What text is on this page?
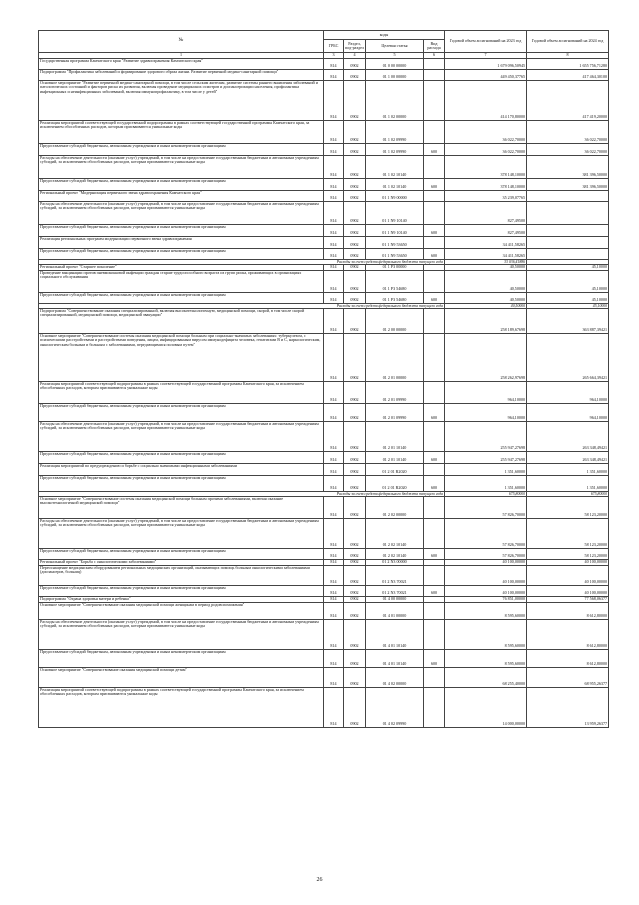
№	коды				Годовой объем ассигнований на 2023 год	Годовой объем ассигнований на 2024 год
	ГРБС	Раздел, под-раздел	Целевая статья	Вид расхода		
1	3	4	5	6	7	8
Государственная программа Камчатского края "Развитие здравоохранения Камчатского края"	814	0902	01 0 00 00000		1 679 096,50945	1 655 756,71280
Подпрограмма "Профилактика заболеваний и формирование здорового образа жизни. Развитие первичной медико-санитарной помощи"	814	0902	01 1 00 00000		449 450,37765	417 464,30100
Основное мероприятие "Развитие первичной медико-санитарной помощи, в том числе сельским жителям, развитие системы раннего выявления заболеваний и патологических состояний и факторов риска их развития, включая проведение медицинских осмотров и диспансеризации населения, профилактика инфекционных и неинфекционных заболеваний, включая иммунопрофилактику, в том числе у детей"	814	0902	01 1 02 00000		414 170,80000	417 419,20000
Реализация мероприятий соответствующей государственной подпрограммы в рамках соответствующей государственной программы Камчатского края, за исключением обособленных расходов, которым присваиваются уникальные коды	814	0902	01 1 02 09990		36 022,70000	36 022,70000
Предоставление субсидий бюджетным, автономным учреждениям и иным некоммерческим организациям	814	0902	01 1 02 09990	600	36 022,70000	36 022,70000
Расходы на обеспечение деятельности (оказание услуг) учреждений, в том числе на предоставление государственным бюджетным и автономным учреждениям субсидий, за исключением обособленных расходов, которым присваиваются уникальные коды	814	0902	01 1 02 10140		378 148,10000	381 396,50000
Предоставление субсидий бюджетным, автономным учреждениям и иным некоммерческим организациям	814	0902	01 1 02 10140	600	378 148,10000	381 396,50000
Региональный проект "Модернизация первичного звена здравоохранения Камчатского края"	814	0902	01 1 N9 00000		35 239,07765	
Расходы на обеспечение деятельности (оказание услуг) учреждений, в том числе на предоставление государственным бюджетным и автономным учреждениям субсидий, за исключением обособленных расходов, которым присваиваются уникальные коды	814	0902	01 1 N9 10140		827,49500	
Предоставление субсидий бюджетным, автономным учреждениям и иным некоммерческим организациям	814	0902	01 1 N9 10140	600	827,49500	
Реализация региональных программ модернизации первичного звена здравоохранения	814	0902	01 1 N9 53650		34 411,58265	
Предоставление субсидий бюджетным, автономным учреждениям и иным некоммерческим организациям	814	0902	01 1 N9 53650	600	34 411,58265	
Расходы за счет средств федерального бюджета текущего года					33 036,41886	
Региональный проект "Старшее поколение"	814	0902	01 1 P3 00000		40,50000	45,10000
Проведение вакцинации против пневмококковой инфекции граждан старше трудоспособного возраста из групп риска, проживающих в организациях социального обслуживания	814	0902	01 1 P3 54680		40,50000	45,10000
Предоставление субсидий бюджетным, автономным учреждениям и иным некоммерческим организациям	814	0902	01 1 P3 54680	600	40,50000	45,10000
Расходы за счет средств федерального бюджета текущего года					40,50000	45,10000
Подпрограмма "Совершенствование оказания специализированной, включая высокотехнологичную, медицинской помощи, скорой, в том числе скорой специализированной, медицинской помощи, медицинской эвакуации"	814	0902	01 2 00 00000		258 189,67698	363 887,39421
Основное мероприятие "Совершенствование системы оказания медицинской помощи больным при социально-значимых заболеваниях: туберкулезом, с психическими расстройствами и расстройствами поведения, лицам, инфицированным вирусом иммунодефицита человека, гепатитами В и С, наркологическим, онкологическим больным и больным с заболеваниями, передающимися половым путем"	814	0902	01 2 01 00000		258 262,97698	265 664,39421
Реализация мероприятий соответствующей подпрограммы в рамках соответствующей государственной программы Камчатского края, за исключением обособленных расходов, которым присваиваются уникальные коды	814	0902	01 2 01 09990		964,10000	964,10000
Предоставление субсидий бюджетным, автономным учреждениям и иным некоммерческим организациям	814	0902	01 2 01 09990	600	964,10000	964,10000
Расходы на обеспечение деятельности (оказание услуг) учреждений, в том числе на предоставление государственным бюджетным и автономным учреждениям субсидий, за исключением обособленных расходов, которым присваиваются уникальные коды	814	0902	01 2 01 10140		255 947,27698	263 348,49421
Предоставление субсидий бюджетным, автономным учреждениям и иным некоммерческим организациям	814	0902	01 2 01 10140	600	255 947,27698	263 348,49421
Реализация мероприятий по предупреждению и борьбе с социально значимыми инфекционными заболеваниями	814	0902	01 2 01 R2020		1 351,60000	1 351,60000
Предоставление субсидий бюджетным, автономным учреждениям и иным некоммерческим организациям	814	0902	01 2 01 R2020	600	1 351,60000	1 351,60000
Расходы за счет средств федерального бюджета текущего года					675,80000	675,80000
Основное мероприятие "Совершенствование системы оказания медицинской помощи больным прочими заболеваниями, включая оказание высокотехнологичной медицинской помощи"	814	0902	01 2 02 00000		57 826,70000	58 123,20000
Расходы на обеспечение деятельности (оказание услуг) учреждений, в том числе на предоставление государственным бюджетным и автономным учреждениям субсидий, за исключением обособленных расходов, которым присваиваются уникальные коды	814	0902	01 2 02 10140		57 826,70000	58 123,20000
Предоставление субсидий бюджетным, автономным учреждениям и иным некоммерческим организациям	814	0902	01 2 02 10140	600	57 826,70000	58 123,20000
Региональный проект "Борьба с онкологическими заболеваниями"	814	0902	01 2 N3 00000		40 100,00000	40 100,00000
Переоснащение медицинским оборудованием региональных медицинских организаций, оказывающих помощь больным онкологическими заболеваниями (диспансеров, больниц)	814	0902	01 2 N3 70021		40 100,00000	40 100,00000
Предоставление субсидий бюджетным, автономным учреждениям и иным некоммерческим организациям	814	0902	01 2 N3 70021	600	40 100,00000	40 100,00000
Подпрограмма "Охрана здоровья матери и ребенка"	814	0902	01 4 00 00000		76 851,00000	77 568,06377
Основное мероприятие "Совершенствование оказания медицинской помощи женщинам в период родовспоможения"	814	0902	01 4 01 00000		8 595,60000	8 612,80000
Расходы на обеспечение деятельности (оказание услуг) учреждений, в том числе на предоставление государственным бюджетным и автономным учреждениям субсидий, за исключением обособленных расходов, которым присваиваются уникальные коды	814	0902	01 4 01 10140		8 595,60000	8 612,80000
Предоставление субсидий бюджетным, автономным учреждениям и иным некоммерческим организациям	814	0902	01 4 01 10140	600	8 595,60000	8 612,80000
Основное мероприятие "Совершенствование оказания медицинской помощи детям"	814	0902	01 4 02 00000		68 255,40000	68 955,26377
Реализация мероприятий соответствующей подпрограммы в рамках соответствующей государственной программы Камчатского края, за исключением обособленных расходов, которым присваиваются уникальные коды	814	0902	01 4 02 09990		14 000,00000	13 959,26377
26
